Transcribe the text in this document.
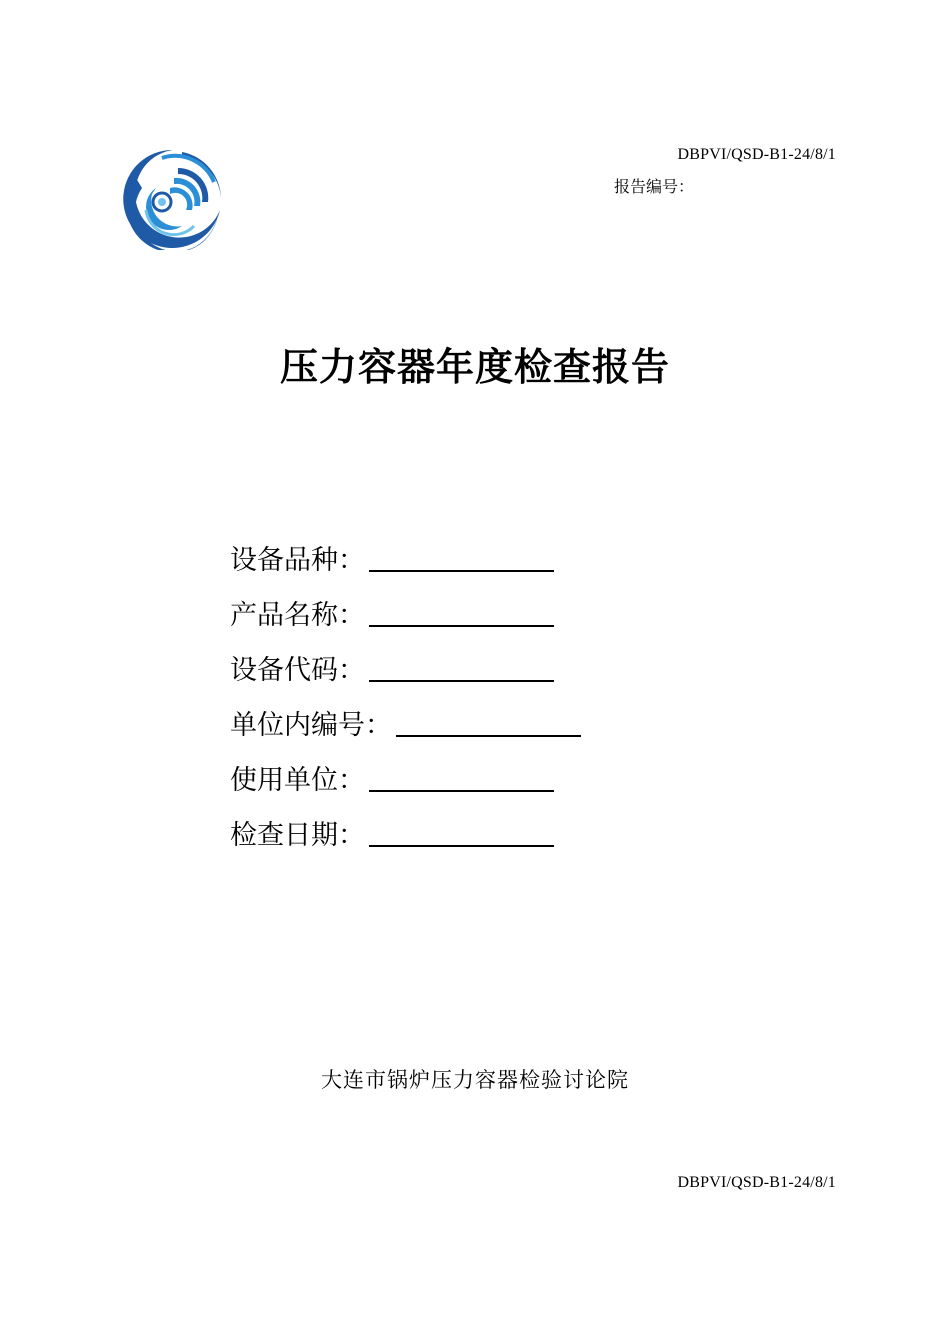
DBPVI/QSD-B1-24/8/1
报告编号：
压力容器年度检查报告
设备品种：
产品名称：
设备代码：
单位内编号：
使用单位：
检查日期：
大连市锅炉压力容器检验讨论院
DBPVI/QSD-B1-24/8/1
